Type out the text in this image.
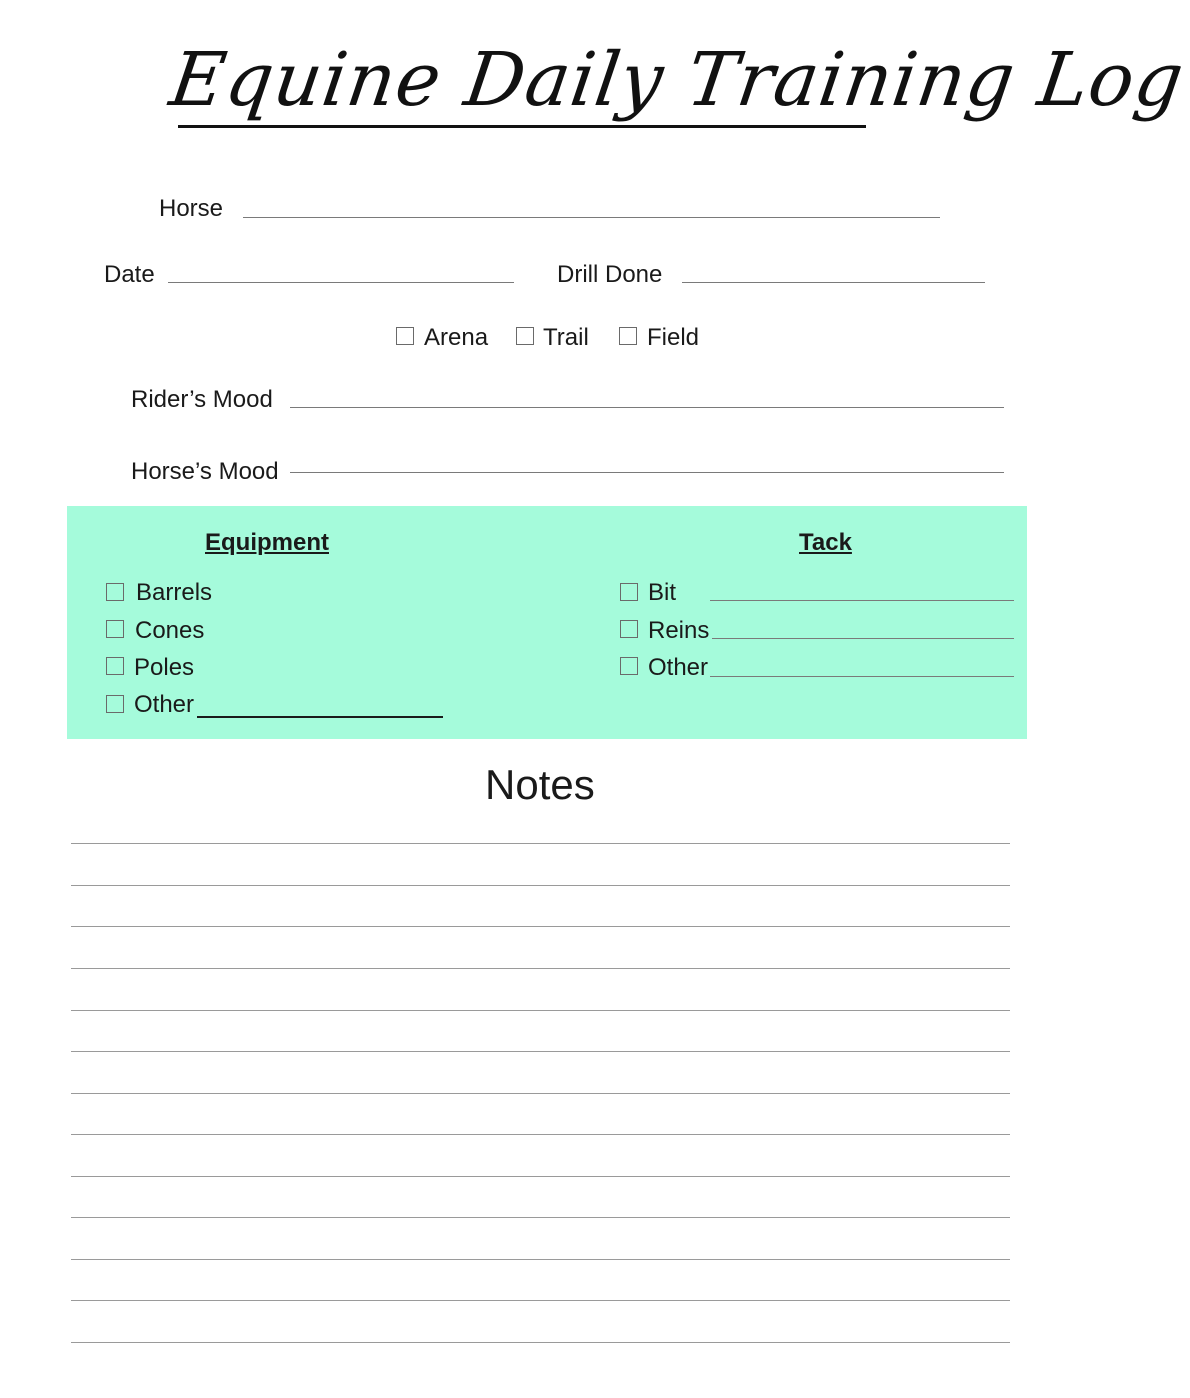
Equine Daily Training Log
Horse
Date	Drill Done
Arena Trail Field
Rider’s Mood
Horse’s Mood
Equipment	Tack
Barrels
Cones
Poles
Other
Bit
Reins
Other
Notes
